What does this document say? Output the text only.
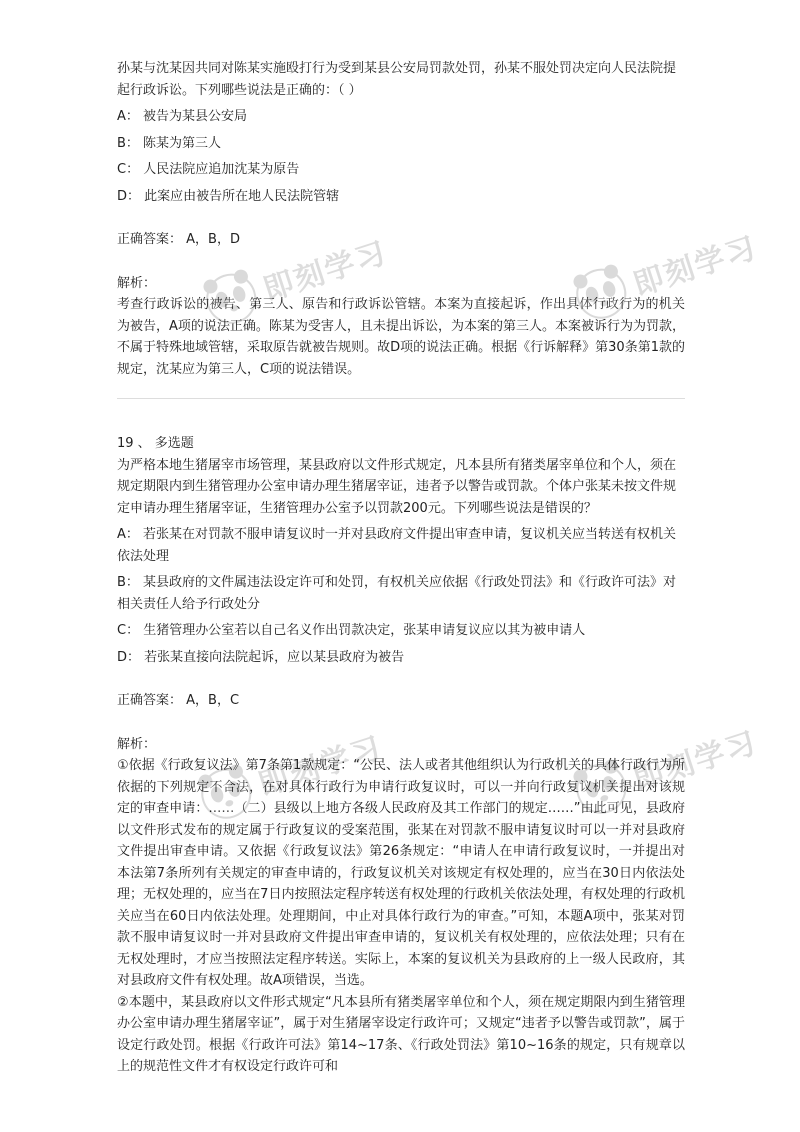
孙某与沈某因共同对陈某实施殴打行为受到某县公安局罚款处罚，孙某不服处罚决定向人民法院提起行政诉讼。下列哪些说法是正确的：（ ）

A： 被告为某县公安局

B： 陈某为第三人

C： 人民法院应追加沈某为原告

D： 此案应由被告所在地人民法院管辖

正确答案： A，B，D

解析：

考查行政诉讼的被告、第三人、原告和行政诉讼管辖。本案为直接起诉，作出具体行政行为的机关为被告，A项的说法正确。陈某为受害人，且未提出诉讼，为本案的第三人。本案被诉行为为罚款，不属于特殊地域管辖，采取原告就被告规则。故D项的说法正确。根据《行诉解释》第30条第1款的规定，沈某应为第三人，C项的说法错误。

19 、 多选题

为严格本地生猪屠宰市场管理，某县政府以文件形式规定，凡本县所有猪类屠宰单位和个人，须在规定期限内到生猪管理办公室申请办理生猪屠宰证，违者予以警告或罚款。个体户张某未按文件规定申请办理生猪屠宰证，生猪管理办公室予以罚款200元。下列哪些说法是错误的？

A： 若张某在对罚款不服申请复议时一并对县政府文件提出审查申请，复议机关应当转送有权机关依法处理

B： 某县政府的文件属违法设定许可和处罚，有权机关应依据《行政处罚法》和《行政许可法》对相关责任人给予行政处分

C： 生猪管理办公室若以自己名义作出罚款决定，张某申请复议应以其为被申请人

D： 若张某直接向法院起诉，应以某县政府为被告

正确答案： A，B，C

解析：

①依据《行政复议法》第7条第1款规定：“公民、法人或者其他组织认为行政机关的具体行政行为所依据的下列规定不合法，在对具体行政行为申请行政复议时，可以一并向行政复议机关提出对该规定的审查申请：……（二）县级以上地方各级人民政府及其工作部门的规定……”由此可见，县政府以文件形式发布的规定属于行政复议的受案范围，张某在对罚款不服申请复议时可以一并对县政府文件提出审查申请。又依据《行政复议法》第26条规定：“申请人在申请行政复议时，一并提出对本法第7条所列有关规定的审查申请的，行政复议机关对该规定有权处理的，应当在30日内依法处理；无权处理的，应当在7日内按照法定程序转送有权处理的行政机关依法处理，有权处理的行政机关应当在60日内依法处理。处理期间，中止对具体行政行为的审查。”可知，本题A项中，张某对罚款不服申请复议时一并对县政府文件提出审查申请的，复议机关有权处理的，应依法处理；只有在无权处理时，才应当按照法定程序转送。实际上，本案的复议机关为县政府的上一级人民政府，其对县政府文件有权处理。故A项错误，当选。

②本题中，某县政府以文件形式规定“凡本县所有猪类屠宰单位和个人，须在规定期限内到生猪管理办公室申请办理生猪屠宰证”，属于对生猪屠宰设定行政许可；又规定“违者予以警告或罚款”，属于设定行政处罚。根据《行政许可法》第14~17条、《行政处罚法》第10~16条的规定，只有规章以上的规范性文件才有权设定行政许可和

即刻学习	即刻学习
即刻学习	即刻学习
